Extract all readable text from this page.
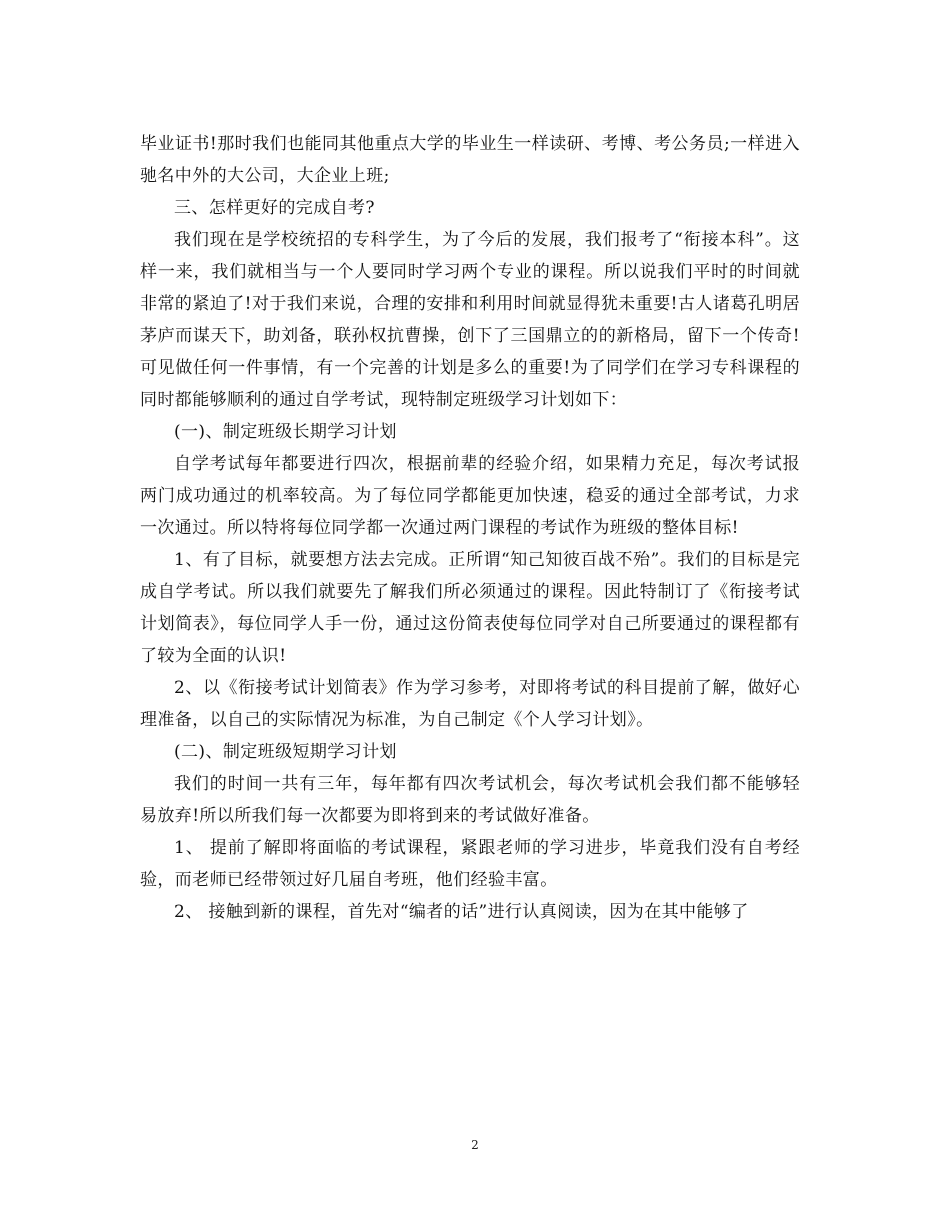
毕业证书!那时我们也能同其他重点大学的毕业生一样读研、考博、考公务员;一样进入驰名中外的大公司，大企业上班;

三、怎样更好的完成自考?

我们现在是学校统招的专科学生，为了今后的发展，我们报考了“衔接本科”。这样一来，我们就相当与一个人要同时学习两个专业的课程。所以说我们平时的时间就非常的紧迫了!对于我们来说，合理的安排和利用时间就显得犹未重要!古人诸葛孔明居茅庐而谋天下，助刘备，联孙权抗曹操，创下了三国鼎立的的新格局，留下一个传奇!可见做任何一件事情，有一个完善的计划是多么的重要!为了同学们在学习专科课程的同时都能够顺利的通过自学考试，现特制定班级学习计划如下：

(一)、制定班级长期学习计划

自学考试每年都要进行四次，根据前辈的经验介绍，如果精力充足，每次考试报两门成功通过的机率较高。为了每位同学都能更加快速，稳妥的通过全部考试，力求一次通过。所以特将每位同学都一次通过两门课程的考试作为班级的整体目标!

1、有了目标，就要想方法去完成。正所谓“知己知彼百战不殆”。我们的目标是完成自学考试。所以我们就要先了解我们所必须通过的课程。因此特制订了《衔接考试计划简表》，每位同学人手一份，通过这份简表使每位同学对自己所要通过的课程都有了较为全面的认识!

2、以《衔接考试计划简表》作为学习参考，对即将考试的科目提前了解，做好心理准备，以自己的实际情况为标准，为自己制定《个人学习计划》。

(二)、制定班级短期学习计划

我们的时间一共有三年，每年都有四次考试机会，每次考试机会我们都不能够轻易放弃!所以所我们每一次都要为即将到来的考试做好准备。

1、 提前了解即将面临的考试课程，紧跟老师的学习进步，毕竟我们没有自考经验，而老师已经带领过好几届自考班，他们经验丰富。

2、 接触到新的课程，首先对“编者的话”进行认真阅读，因为在其中能够了

2
